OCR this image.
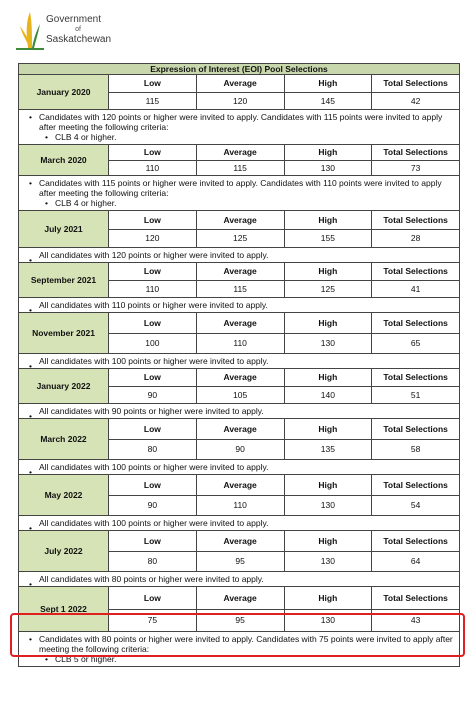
Government
of
Saskatchewan
Expression of Interest (EOI) Pool Selections				
January 2020	Low	Average	High	Total Selections
	115	120	145	42

• Candidates with 120 points or higher were invited to apply. Candidates with 115 points were invited to apply after meeting the following criteria:
• CLB 4 or higher.

March 2020	Low	Average	High	Total Selections
	110	115	130	73

• Candidates with 115 points or higher were invited to apply. Candidates with 110 points were invited to apply after meeting the following criteria:
• CLB 4 or higher.

July 2021	Low	Average	High	Total Selections
	120	125	155	28

• All candidates with 120 points or higher were invited to apply.				
September 2021	Low	Average	High	Total Selections
	110	115	125	41

• All candidates with 110 points or higher were invited to apply.				
November 2021	Low	Average	High	Total Selections
	100	110	130	65

• All candidates with 100 points or higher were invited to apply.				
January 2022	Low	Average	High	Total Selections
	90	105	140	51

• All candidates with 90 points or higher were invited to apply.				
March 2022	Low	Average	High	Total Selections
	80	90	135	58

• All candidates with 100 points or higher were invited to apply.				
May 2022	Low	Average	High	Total Selections
	90	110	130	54

• All candidates with 100 points or higher were invited to apply.				
July 2022	Low	Average	High	Total Selections
	80	95	130	64

• All candidates with 80 points or higher were invited to apply.				
Sept 1 2022	Low	Average	High	Total Selections
	75	95	130	43

• Candidates with 80 points or higher were invited to apply. Candidates with 75 points were invited to apply after meeting the following criteria:
• CLB 5 or higher.
